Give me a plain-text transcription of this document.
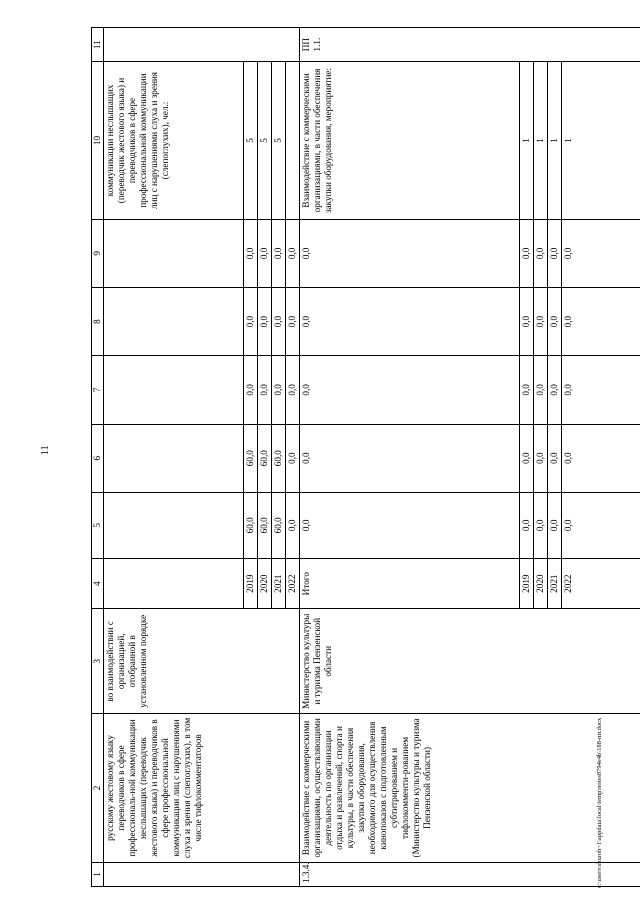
11
1	2	3	4	5	6	7	8	9	10	11
	русскому жестовому языку переводчиков в сфере профессиональ-ной коммуникации неслышащих (переводчик жестового языка) и переводчиков в сфере профессиональной коммуникации лиц с нарушениями слуха и зрения (слепоглухих), в том числе тифлокомментаторов	во взаимодействии с организацией, отобранной в установленном порядке							коммуникации неслышащих (переводчик жестового языка) и переводчиков в сфере профессиональной коммуникации лиц с нарушениями слуха и зрения (слепоглухих), чел.:	
			2019	60,0	60,0	0,0	0,0	0,0	5	
			2020	60,0	60,0	0,0	0,0	0,0	5	
			2021	60,0	60,0	0,0	0,0	0,0	5	
			2022	0,0	0,0	0,0	0,0	0,0		
1.3.4.	Взаимодействие с коммерческими организациями, осуществляющими деятельность по организации отдыха и развлечений, спорта и культуры, в части обеспечения закупки оборудования, необходимого для осуществления кинопоказов с подготовленным субтитрированием и тифлокомменти-рованием (Министерство культуры и туризма Пензенской области)	Министерство культуры и туризма Пензенской области	Итого	0,0	0,0	0,0	0,0	0,0	Взаимодействие с коммерческими организациями, в части обеспечения закупки оборудования, мероприятие:	ПП 1.1.
			2019	0,0	0,0	0,0	0,0	0,0	1	
			2020	0,0	0,0	0,0	0,0	0,0	1	
			2021	0,0	0,0	0,0	0,0	0,0	1	
			2022	0,0	0,0	0,0	0,0	0,0	1	
c:\users\shuroh~1\appdata\local\temp\notes8794e4b\188-пп.docx
